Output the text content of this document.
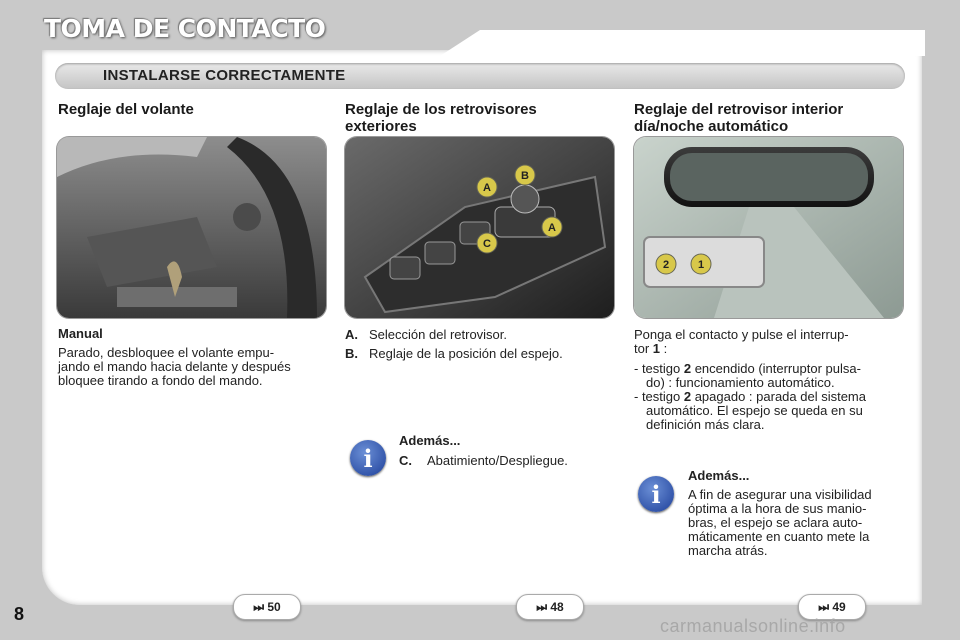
TOMA DE CONTACTO
INSTALARSE CORRECTAMENTE
Reglaje del volante
Manual
Parado, desbloquee el volante empu-
jando el mando hacia delante y después
bloquee tirando a fondo del mando.
Reglaje de los retrovisores
exteriores
A
B
C
A
A. Selección del retrovisor.
B. Reglaje de la posición del espejo.
i
Además...
C. Abatimiento/Despliegue.
Reglaje del retrovisor interior
día/noche automático
2	1
Ponga el contacto y pulse el interrup-
tor 1 :
- testigo 2 encendido (interruptor pulsa-
do) : funcionamiento automático.
- testigo 2 apagado : parada del sistema
automático. El espejo se queda en su
definición más clara.
i
Además...
A fin de asegurar una visibilidad
óptima a la hora de sus manio-
bras, el espejo se aclara auto-
máticamente en cuanto mete la
marcha atrás.
⏭ 50	⏭ 48	⏭ 49
8
carmanualsonline.info
